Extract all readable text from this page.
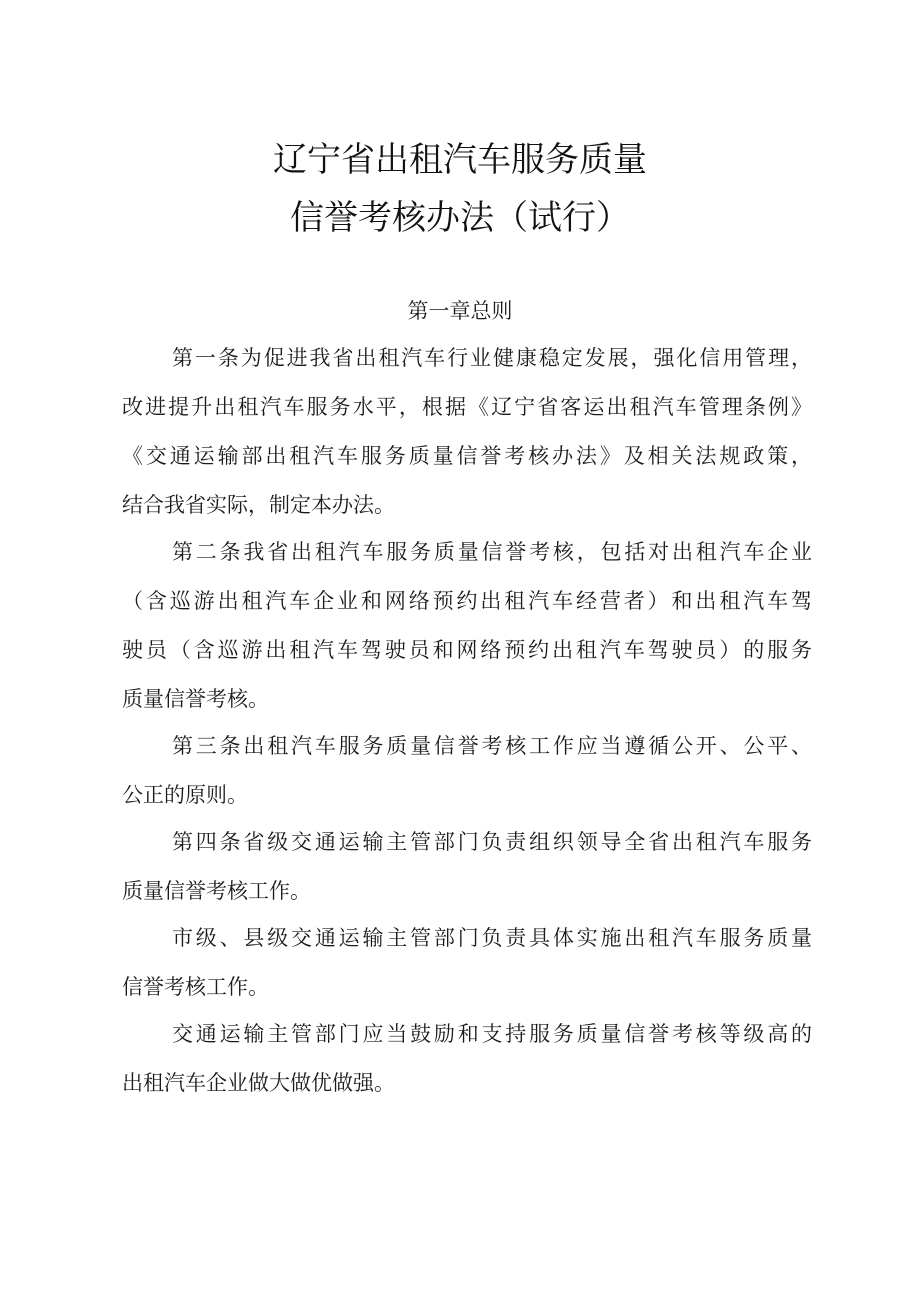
辽宁省出租汽车服务质量
信誉考核办法（试行）
第一章总则
第一条为促进我省出租汽车行业健康稳定发展，强化信用管理，
改进提升出租汽车服务水平，根据《辽宁省客运出租汽车管理条例》
《交通运输部出租汽车服务质量信誉考核办法》及相关法规政策，
结合我省实际，制定本办法。
第二条我省出租汽车服务质量信誉考核，包括对出租汽车企业
（含巡游出租汽车企业和网络预约出租汽车经营者）和出租汽车驾
驶员（含巡游出租汽车驾驶员和网络预约出租汽车驾驶员）的服务
质量信誉考核。
第三条出租汽车服务质量信誉考核工作应当遵循公开、公平、
公正的原则。
第四条省级交通运输主管部门负责组织领导全省出租汽车服务
质量信誉考核工作。
市级、县级交通运输主管部门负责具体实施出租汽车服务质量
信誉考核工作。
交通运输主管部门应当鼓励和支持服务质量信誉考核等级高的
出租汽车企业做大做优做强。
